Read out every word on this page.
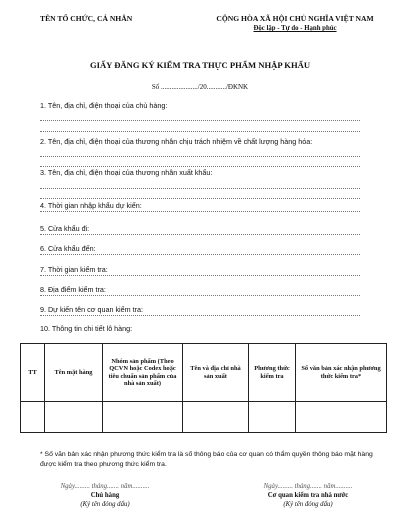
TÊN TỔ CHỨC, CÁ NHÂN	CỘNG HÒA XÃ HỘI CHỦ NGHĨA VIỆT NAM
Độc lập - Tự do - Hạnh phúc
GIẤY ĐĂNG KÝ KIỂM TRA THỰC PHẨM NHẬP KHẨU
Số ...................../20.........../ĐKNK
1. Tên, địa chỉ, điện thoại của chủ hàng:
2. Tên, địa chỉ, điện thoại của thương nhân chịu trách nhiệm về chất lượng hàng hóa:
3. Tên, địa chỉ, điện thoại của thương nhân xuất khẩu:
4. Thời gian nhập khẩu dự kiến:
5. Cửa khẩu đi:
6. Cửa khẩu đến:
7. Thời gian kiểm tra:
8. Địa điểm kiểm tra:
9. Dự kiến tên cơ quan kiểm tra:
10. Thông tin chi tiết lô hàng:
TT	Tên mặt hàng	Nhóm sản phẩm (Theo QCVN hoặc Codex hoặc tiêu chuẩn sản phẩm của nhà sản xuất)	Tên và địa chỉ nhà sản xuất	Phương thức kiểm tra	Số văn bản xác nhận phương thức kiểm tra*

* Số văn bản xác nhận phương thức kiểm tra là số thông báo của cơ quan có thẩm quyền thông báo mặt hàng được kiểm tra theo phương thức kiểm tra.
Ngày......... tháng....... năm..........
Chủ hàng
(Ký tên đóng dấu)
Ngày......... tháng....... năm..........
Cơ quan kiểm tra nhà nước
(Ký tên đóng dấu)
